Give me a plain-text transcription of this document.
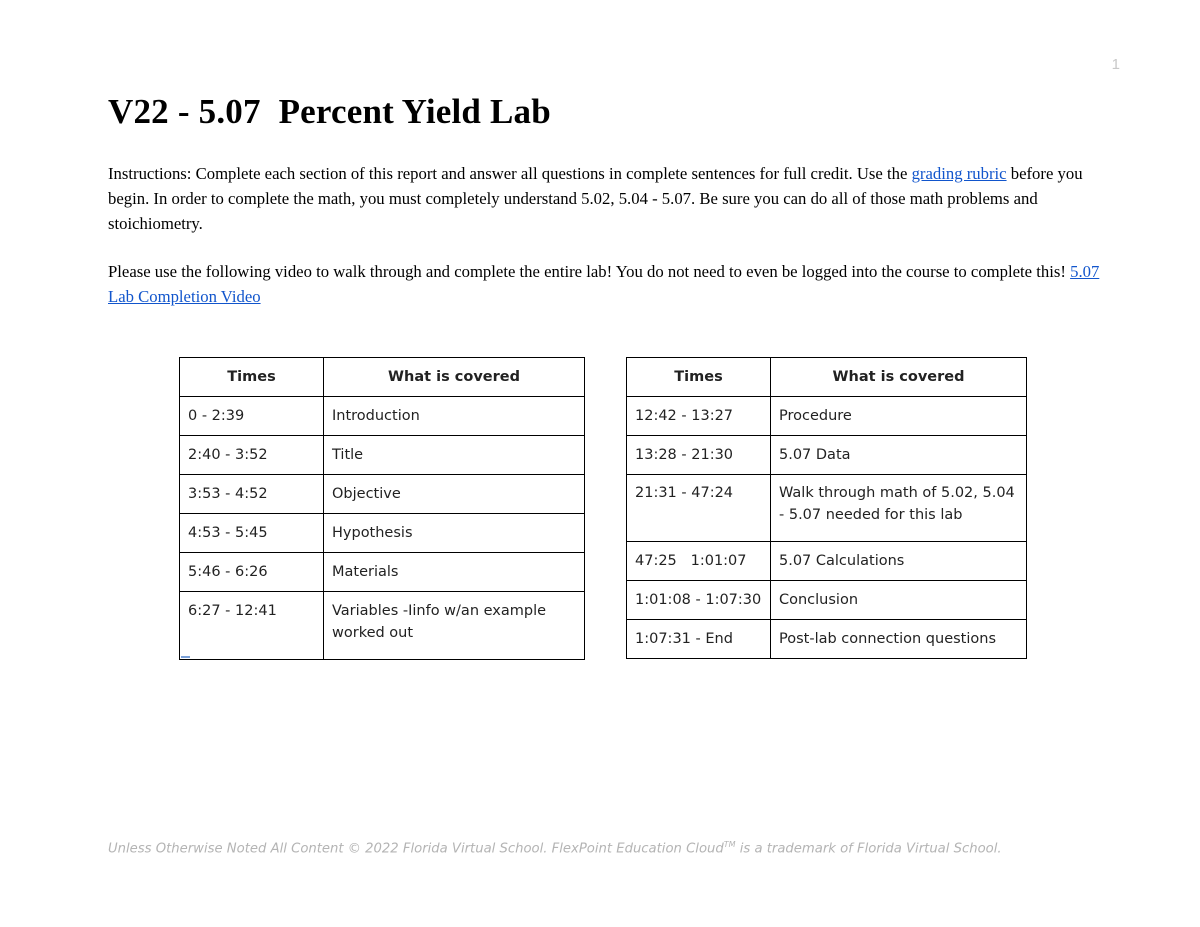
1
V22 - 5.07  Percent Yield Lab

Instructions: Complete each section of this report and answer all questions in complete sentences for full credit. Use the grading rubric before you begin. In order to complete the math, you must completely understand 5.02, 5.04 - 5.07. Be sure you can do all of those math problems and stoichiometry.

Please use the following video to walk through and complete the entire lab! You do not need to even be logged into the course to complete this! 5.07 Lab Completion Video

Times	What is covered
0 - 2:39	Introduction
2:40 - 3:52	Title
3:53 - 4:52	Objective
4:53 - 5:45	Hypothesis
5:46 - 6:26	Materials
6:27 - 12:41	Variables -Iinfo w/an example worked out
Times	What is covered
12:42 - 13:27	Procedure
13:28 - 21:30	5.07 Data
21:31 - 47:24	Walk through math of 5.02, 5.04 - 5.07 needed for this lab
47:25   1:01:07	5.07 Calculations
1:01:08 - 1:07:30	Conclusion
1:07:31 - End	Post-lab connection questions
Unless Otherwise Noted All Content © 2022 Florida Virtual School. FlexPoint Education Cloud™ is a trademark of Florida Virtual School.
